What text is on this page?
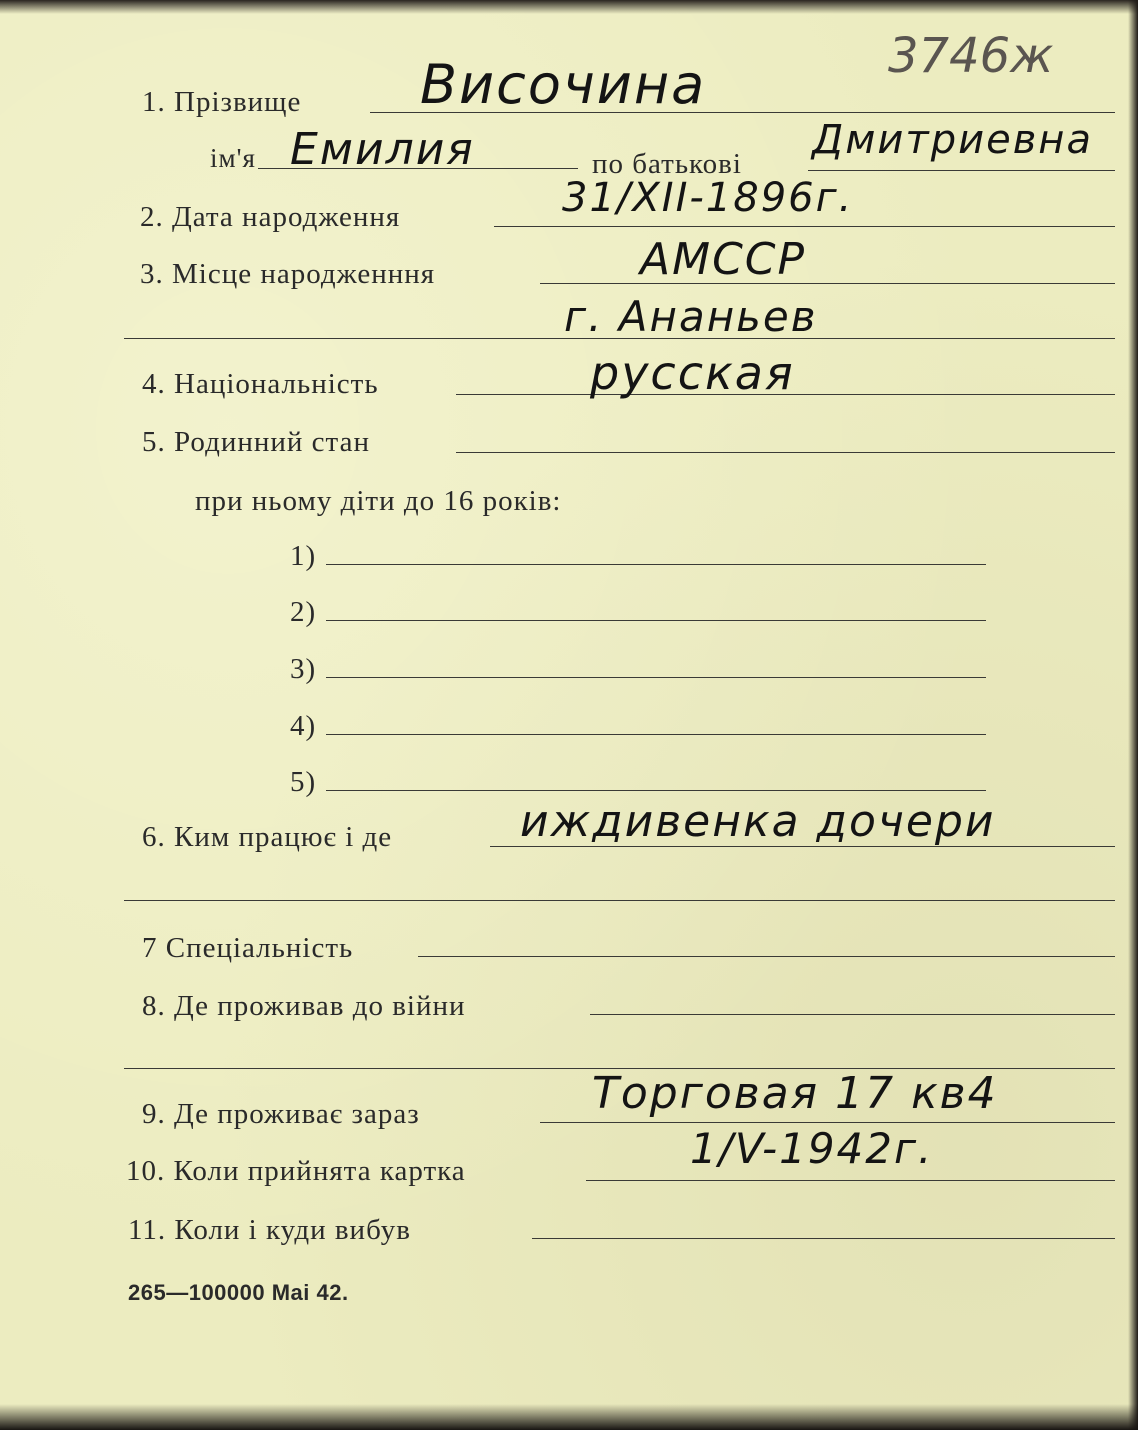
3746ж
1. Прізвище Височина
ім'я Емилия	по батькові
Дмитриевна
2. Дата народження	31/XII-1896г.
3. Місце народженння	АМССР
г. Ананьев
4. Національність	русская
5. Родинний стан
при ньому діти до 16 років:
1)
2)
3)
4)
5)
6. Ким працює і де	иждивенка дочери
7 Спеціальність
8. Де проживав до війни
9. Де проживає зараз	Торговая 17 кв4
10. Коли прийнята картка	1/V-1942г.
11. Коли і куди вибув
265—100000 Mai 42.
